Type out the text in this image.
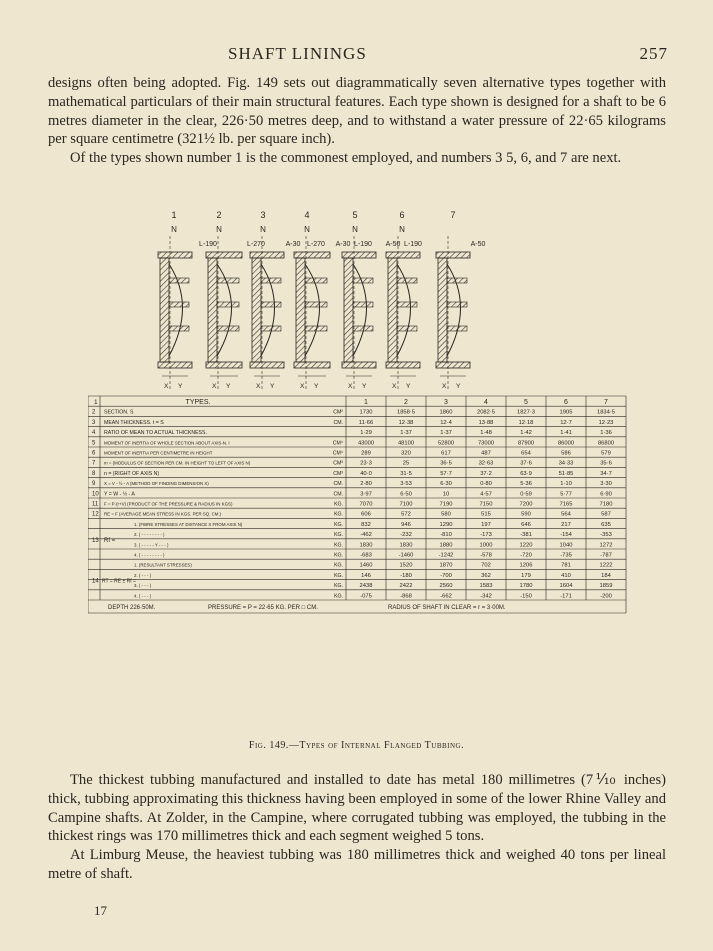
SHAFT LININGS	257

designs often being adopted. Fig. 149 sets out diagrammatically seven alternative types together with mathematical particulars of their main structural features. Each type shown is designed for a shaft to be 6 metres diameter in the clear, 226·50 metres deep, and to withstand a water pressure of 22·65 kilograms per square centimetre (321½ lb. per square inch).

Of the types shown number 1 is the commonest employed, and numbers 3 5, 6, and 7 are next.

1	2	3	4	5	6	7
N	N	N	N	N	N
L-190	L-270	A-30 L-270 A-30 L-190 A-50 L-190	A-50
X Y	X Y	X Y	X Y	X Y	X Y	X Y
1	TYPES.	1	2	3	4	5	6	7
2 SECTION. S	CM²	1730	1858·5	1860	2082·5	1827·3	1905	1834·5
3 MEAN THICKNESS. t = S	CM.	11·66	12·38	12·4	13·88	12·18	12·7	12·23
4 RATIO OF MEAN TO ACTUAL THICKNESS.	1·29	1·37	1·37	1·48	1·42	1·41	1·36
5 MOMENT OF INERTIA OF WHOLE SECTION ABOUT AXIS-N. I	CM⁴	43000	48100	52800	73000	87900	86000	86800
6 MOMENT OF INERTIA PER CENTIMETRE IN HEIGHT	CM⁴	289	320	617	487	654	586	579
7 m = (MODULUS OF SECTION PER CM. IN HEIGHT TO LEFT OF AXIS N)	CM³	23·3	25	36·5	32·63	37·6	34·33	35·6
8 n = (RIGHT OF AXIS N)	CM³	40·0	31·5	57·7	37·2	63·9	51·85	34·7
9 X = V - ½ - A (METHOD OF FINDING DIMENSION X)	CM.	2·80	3·53	6·30	0·80	5·36	1·10	3·30
10 Y = W - ½ - A	CM.	3·97	6·50	10	4·57	0·59	5·77	6·90
11 F = P·(r+V) (PRODUCT OF THE PRESSURE & RADIUS IN KGS)	KG.	7070	7100	7190	7150	7200	7165	7180
12 RE = F (AVERAGE MEAN STRESS IN KGS. PER SQ. CM.)	KG.	606	572	580	515	590	564	587
1. (FIBRE STRESSES AT DISTANCE X FROM AXIS N)	KG.	832	946	1290	197	646	217	635
2. ( - - - - - - - - )	KG.	-462	-232	-810	-173	-381	-154	-353
3. ( - - - - - Y - - - )	KG.	1830	1830	1880	1000	1220	1040	1272
4. ( - - - - - - - - )	KG.	-683	-1460	-1242	-578	-720	-735	-787
13 Rf =
1. (RESULTANT STRESSES)	KG.	1460	1520	1870	702	1206	781	1222
2. ( - - - )	KG.	146	-180	-700	362	179	410	184
3. ( - - - )	KG.	2438	2422	2560	1583	1780	1604	1859
4. ( - - - )	KG.	-075	-868	-662	-342	-150	-171	-200
14 RT = RE ± Rf =
DEPTH 226·50M.	PRESSURE = P = 22·65 KG. PER □ CM.	RADIUS OF SHAFT IN CLEAR = r = 3·00M.
Fig. 149.—Types of Internal Flanged Tubbing.

The thickest tubbing manufactured and installed to date has metal 180 millimetres (7⅒ inches) thick, tubbing approximating this thickness having been employed in some of the lower Rhine Valley and Campine shafts. At Zolder, in the Campine, where corrugated tubbing was employed, the tubbing in the thickest rings was 170 millimetres thick and each segment weighed 5 tons.

At Limburg Meuse, the heaviest tubbing was 180 millimetres thick and weighed 40 tons per lineal metre of shaft.

17
